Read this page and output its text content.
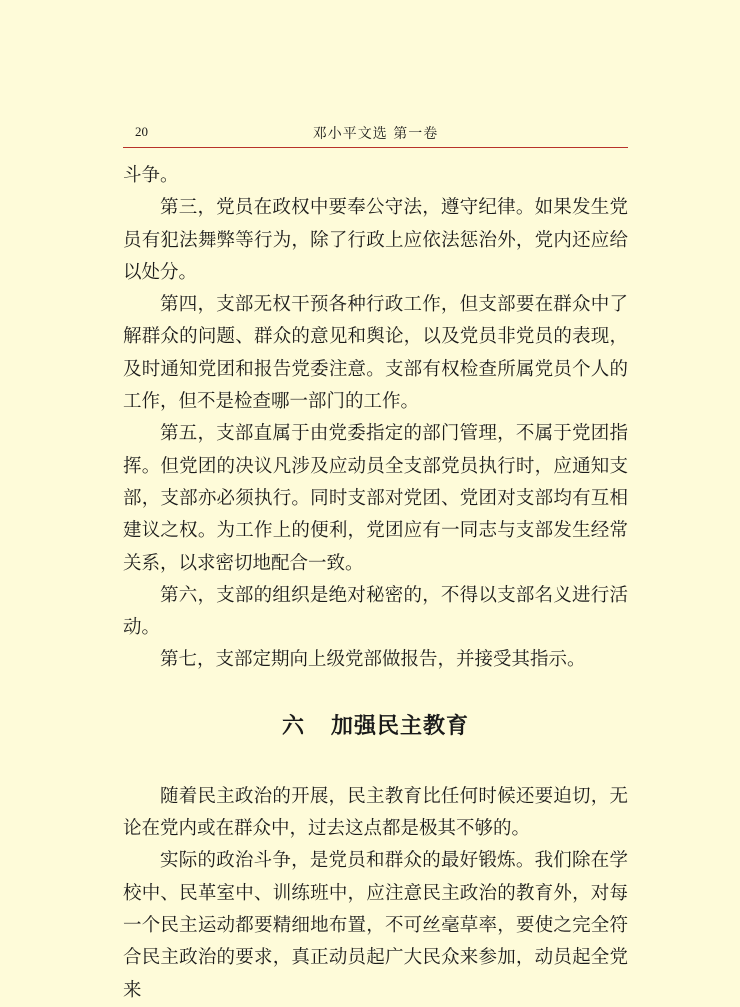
20	邓小平文选 第一卷

斗争。

第三，党员在政权中要奉公守法，遵守纪律。如果发生党员有犯法舞弊等行为，除了行政上应依法惩治外，党内还应给以处分。

第四，支部无权干预各种行政工作，但支部要在群众中了解群众的问题、群众的意见和舆论，以及党员非党员的表现，及时通知党团和报告党委注意。支部有权检查所属党员个人的工作，但不是检查哪一部门的工作。

第五，支部直属于由党委指定的部门管理，不属于党团指挥。但党团的决议凡涉及应动员全支部党员执行时，应通知支部，支部亦必须执行。同时支部对党团、党团对支部均有互相建议之权。为工作上的便利，党团应有一同志与支部发生经常关系，以求密切地配合一致。

第六，支部的组织是绝对秘密的，不得以支部名义进行活动。

第七，支部定期向上级党部做报告，并接受其指示。

六 加强民主教育

随着民主政治的开展，民主教育比任何时候还要迫切，无论在党内或在群众中，过去这点都是极其不够的。

实际的政治斗争，是党员和群众的最好锻炼。我们除在学校中、民革室中、训练班中，应注意民主政治的教育外，对每一个民主运动都要精细地布置，不可丝毫草率，要使之完全符合民主政治的要求，真正动员起广大民众来参加，动员起全党来
